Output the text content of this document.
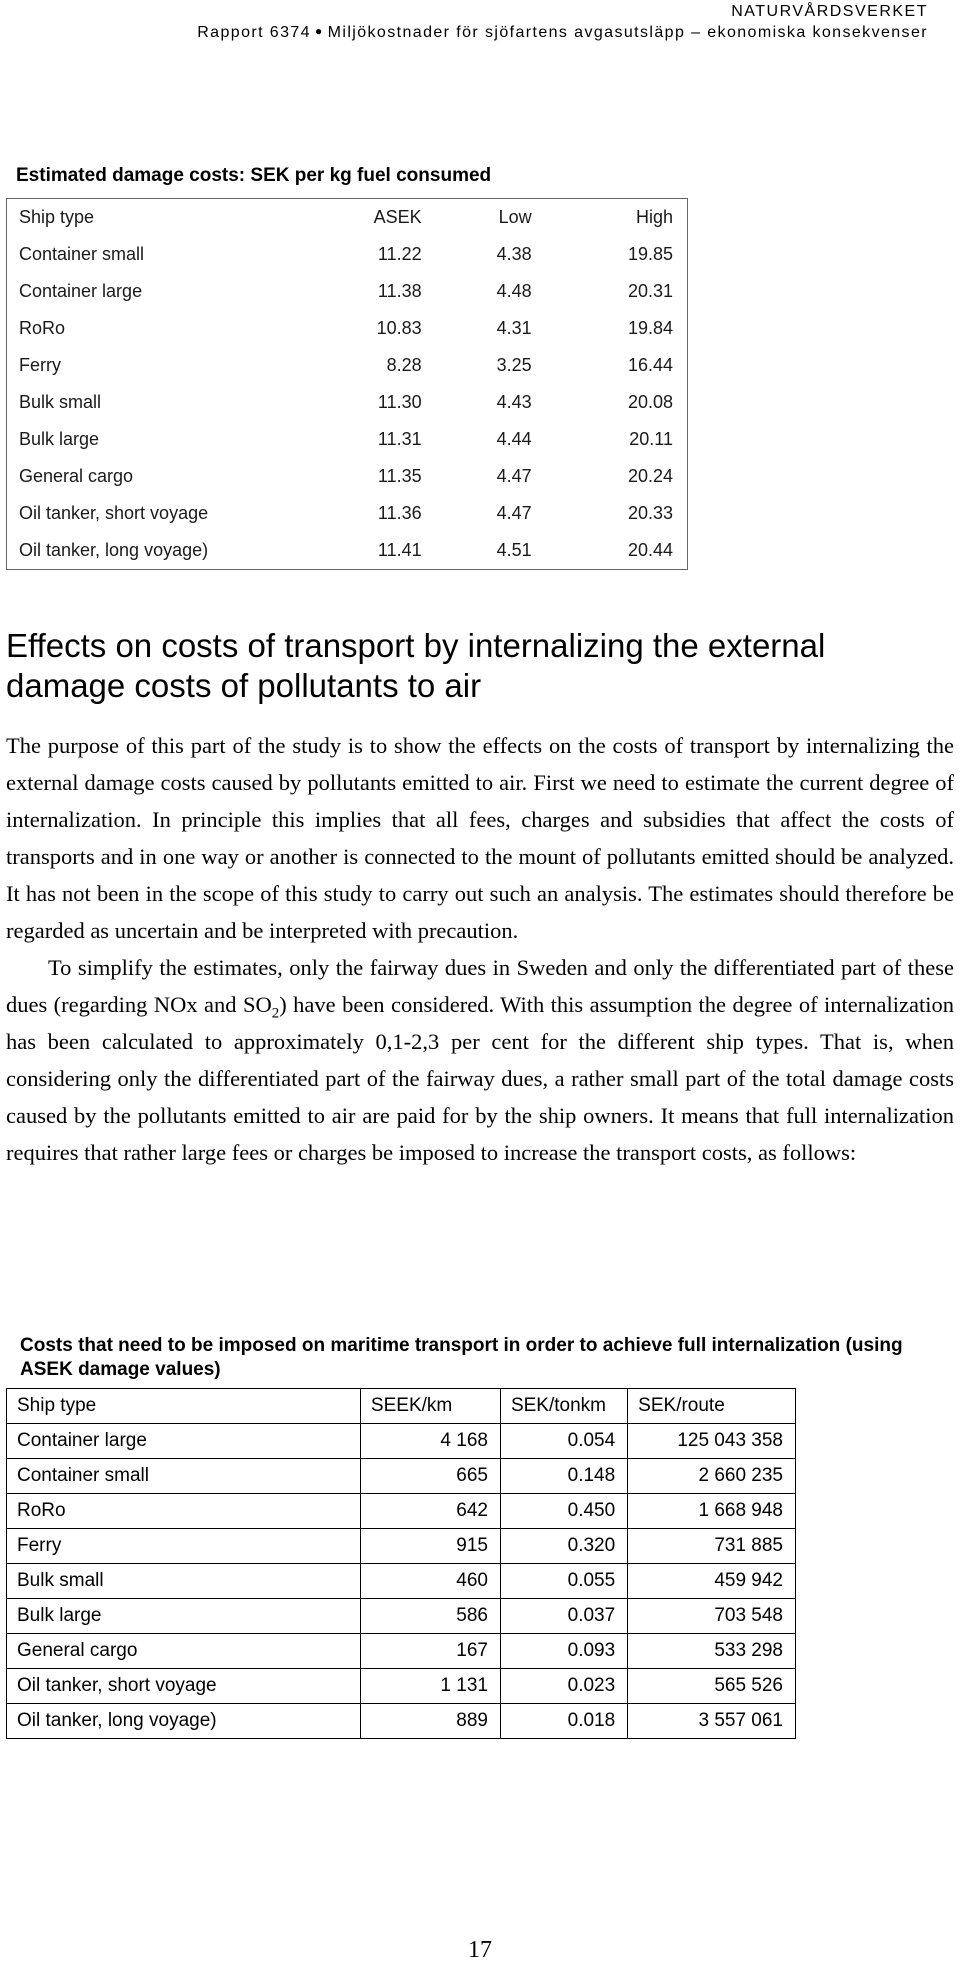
NATURVÅRDSVERKET
Rapport 6374 ● Miljökostnader för sjöfartens avgasutsläpp – ekonomiska konsekvenser
Estimated damage costs: SEK per kg fuel consumed
Ship type	ASEK	Low	High
Container small	11.22	4.38	19.85
Container large	11.38	4.48	20.31
RoRo	10.83	4.31	19.84
Ferry	8.28	3.25	16.44
Bulk small	11.30	4.43	20.08
Bulk large	11.31	4.44	20.11
General cargo	11.35	4.47	20.24
Oil tanker, short voyage	11.36	4.47	20.33
Oil tanker, long voyage)	11.41	4.51	20.44
Effects on costs of transport by internalizing the external damage costs of pollutants to air

The purpose of this part of the study is to show the effects on the costs of transport by internalizing the external damage costs caused by pollutants emitted to air. First we need to estimate the current degree of internalization. In principle this implies that all fees, charges and subsidies that affect the costs of transports and in one way or another is connected to the mount of pollutants emitted should be analyzed. It has not been in the scope of this study to carry out such an analysis. The estimates should therefore be regarded as uncertain and be interpreted with precaution.

To simplify the estimates, only the fairway dues in Sweden and only the differentiated part of these dues (regarding NOx and $SO_2$) have been considered. With this assumption the degree of internalization has been calculated to approximately 0,1-2,3 per cent for the different ship types. That is, when considering only the differentiated part of the fairway dues, a rather small part of the total damage costs caused by the pollutants emitted to air are paid for by the ship owners. It means that full internalization requires that rather large fees or charges be imposed to increase the transport costs, as follows:

Costs that need to be imposed on maritime transport in order to achieve full internalization (using ASEK damage values)
Ship type	SEEK/km	SEK/tonkm	SEK/route
Container large	4 168	0.054	125 043 358
Container small	665	0.148	2 660 235
RoRo	642	0.450	1 668 948
Ferry	915	0.320	731 885
Bulk small	460	0.055	459 942
Bulk large	586	0.037	703 548
General cargo	167	0.093	533 298
Oil tanker, short voyage	1 131	0.023	565 526
Oil tanker, long voyage)	889	0.018	3 557 061
17
